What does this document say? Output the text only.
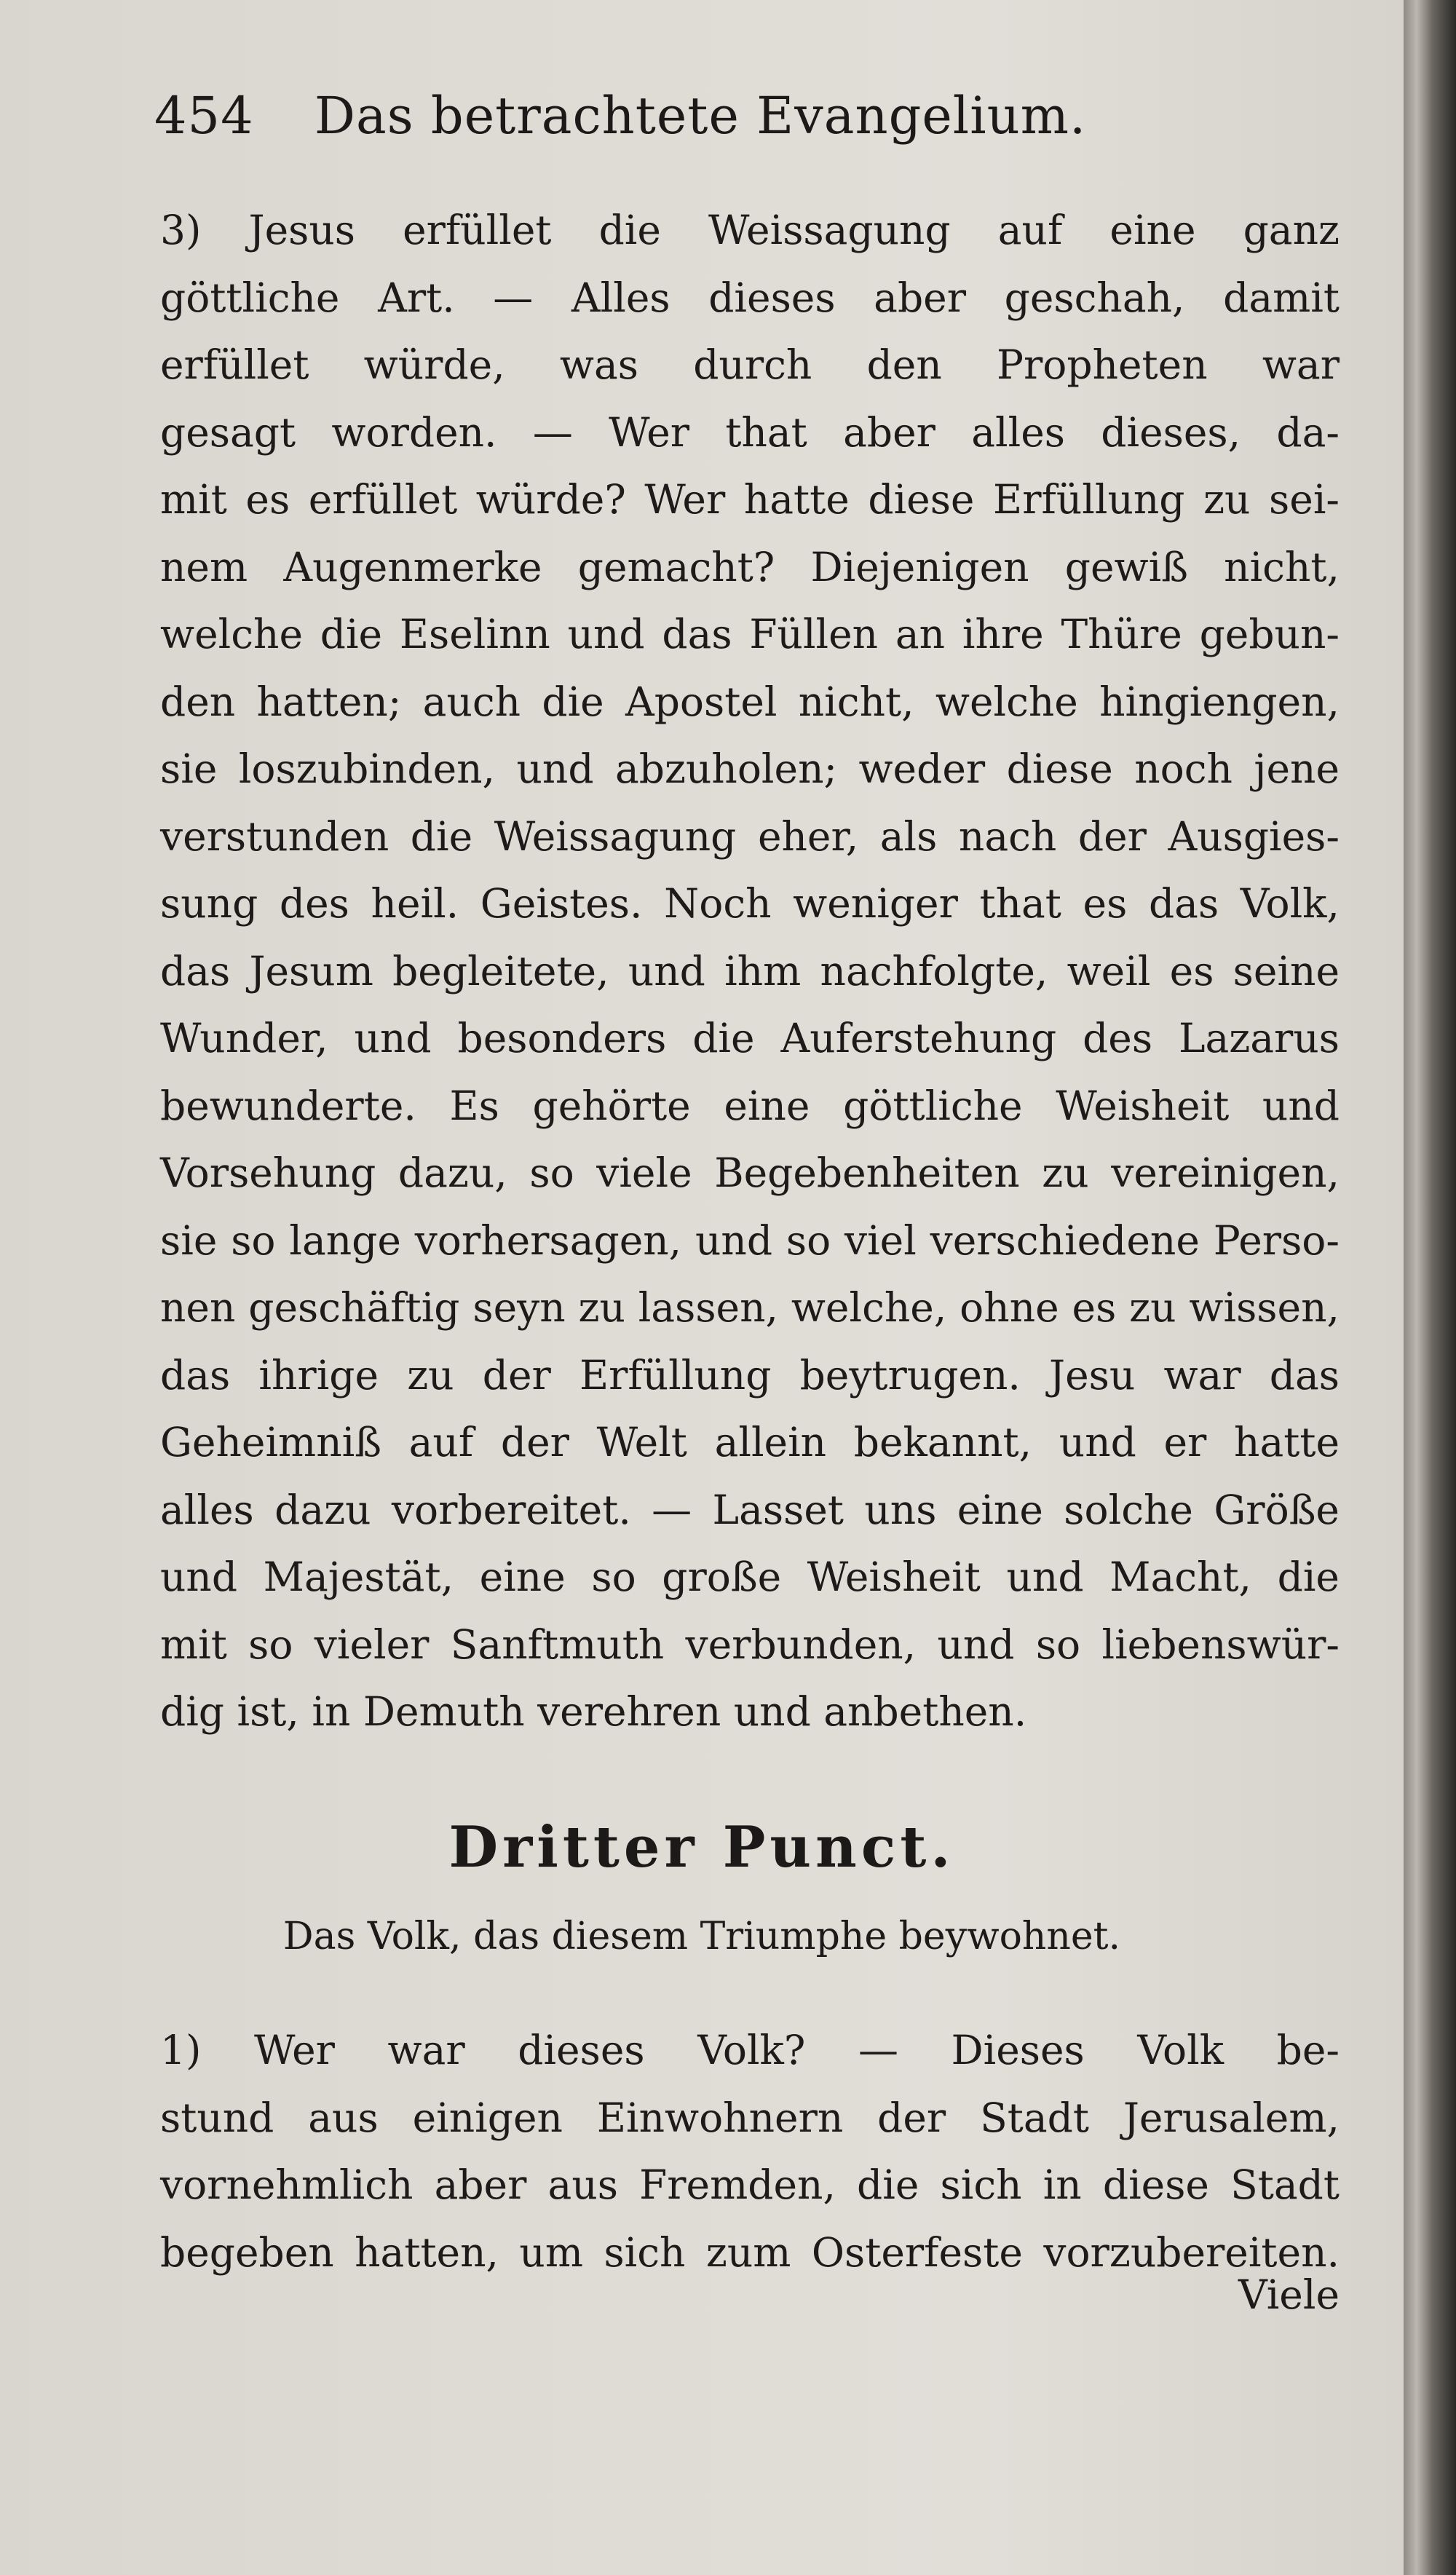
454 Das betrachtete Evangelium.
3) Jesus erfüllet die Weissagung auf eine ganz
göttliche Art. — Alles dieses aber geschah, damit
erfüllet würde, was durch den Propheten war
gesagt worden. — Wer that aber alles dieses, da-
mit es erfüllet würde? Wer hatte diese Erfüllung zu sei-
nem Augenmerke gemacht? Diejenigen gewiß nicht,
welche die Eselinn und das Füllen an ihre Thüre gebun-
den hatten; auch die Apostel nicht, welche hingiengen,
sie loszubinden, und abzuholen; weder diese noch jene
verstunden die Weissagung eher, als nach der Ausgies-
sung des heil. Geistes. Noch weniger that es das Volk,
das Jesum begleitete, und ihm nachfolgte, weil es seine
Wunder, und besonders die Auferstehung des Lazarus
bewunderte. Es gehörte eine göttliche Weisheit und
Vorsehung dazu, so viele Begebenheiten zu vereinigen,
sie so lange vorhersagen, und so viel verschiedene Perso-
nen geschäftig seyn zu lassen, welche, ohne es zu wissen,
das ihrige zu der Erfüllung beytrugen. Jesu war das
Geheimniß auf der Welt allein bekannt, und er hatte
alles dazu vorbereitet. — Lasset uns eine solche Größe
und Majestät, eine so große Weisheit und Macht, die
mit so vieler Sanftmuth verbunden, und so liebenswür-
dig ist, in Demuth verehren und anbethen.
Dritter Punct.
Das Volk, das diesem Triumphe beywohnet.
1) Wer war dieses Volk? — Dieses Volk be-
stund aus einigen Einwohnern der Stadt Jerusalem,
vornehmlich aber aus Fremden, die sich in diese Stadt
begeben hatten, um sich zum Osterfeste vorzubereiten.
Viele
